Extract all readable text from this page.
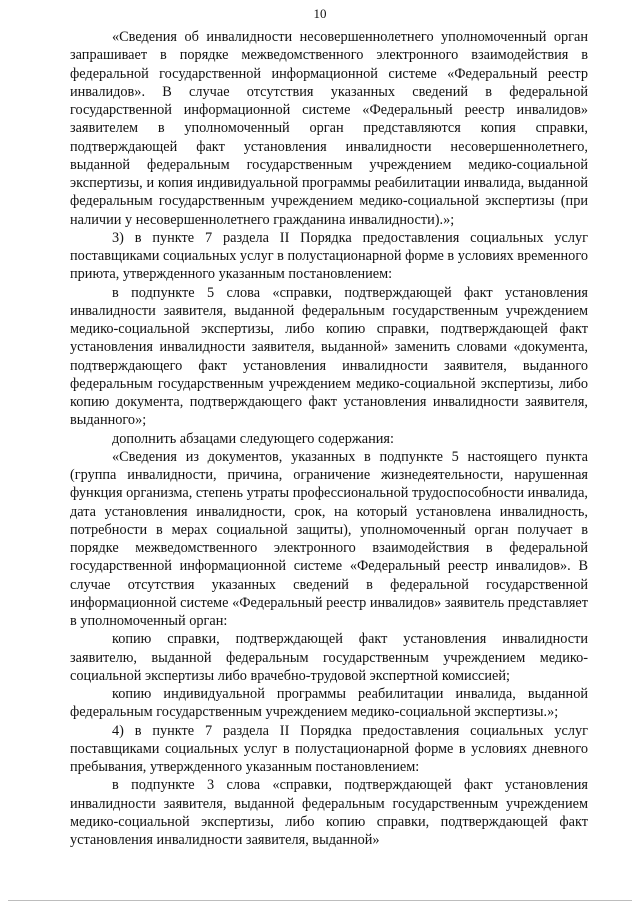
10

«Сведения об инвалидности несовершеннолетнего уполномоченный орган запрашивает в порядке межведомственного электронного взаимодействия в федеральной государственной информационной системе «Федеральный реестр инвалидов». В случае отсутствия указанных сведений в федеральной государственной информационной системе «Федеральный реестр инвалидов» заявителем в уполномоченный орган представляются копия справки, подтверждающей факт установления инвалидности несовершеннолетнего, выданной федеральным государственным учреждением медико-социальной экспертизы, и копия индивидуальной программы реабилитации инвалида, выданной федеральным государственным учреждением медико-социальной экспертизы (при наличии у несовершеннолетнего гражданина инвалидности).»;

3) в пункте 7 раздела II Порядка предоставления социальных услуг поставщиками социальных услуг в полустационарной форме в условиях временного приюта, утвержденного указанным постановлением:

в подпункте 5 слова «справки, подтверждающей факт установления инвалидности заявителя, выданной федеральным государственным учреждением медико-социальной экспертизы, либо копию справки, подтверждающей факт установления инвалидности заявителя, выданной» заменить словами «документа, подтверждающего факт установления инвалидности заявителя, выданного федеральным государственным учреждением медико-социальной экспертизы, либо копию документа, подтверждающего факт установления инвалидности заявителя, выданного»;

дополнить абзацами следующего содержания:

«Сведения из документов, указанных в подпункте 5 настоящего пункта (группа инвалидности, причина, ограничение жизнедеятельности, нарушенная функция организма, степень утраты профессиональной трудоспособности инвалида, дата установления инвалидности, срок, на который установлена инвалидность, потребности в мерах социальной защиты), уполномоченный орган получает в порядке межведомственного электронного взаимодействия в федеральной государственной информационной системе «Федеральный реестр инвалидов». В случае отсутствия указанных сведений в федеральной государственной информационной системе «Федеральный реестр инвалидов» заявитель представляет в уполномоченный орган:

копию справки, подтверждающей факт установления инвалидности заявителю, выданной федеральным государственным учреждением медико-социальной экспертизы либо врачебно-трудовой экспертной комиссией;

копию индивидуальной программы реабилитации инвалида, выданной федеральным государственным учреждением медико-социальной экспертизы.»;

4) в пункте 7 раздела II Порядка предоставления социальных услуг поставщиками социальных услуг в полустационарной форме в условиях дневного пребывания, утвержденного указанным постановлением:

в подпункте 3 слова «справки, подтверждающей факт установления инвалидности заявителя, выданной федеральным государственным учреждением медико-социальной экспертизы, либо копию справки, подтверждающей факт установления инвалидности заявителя, выданной»
